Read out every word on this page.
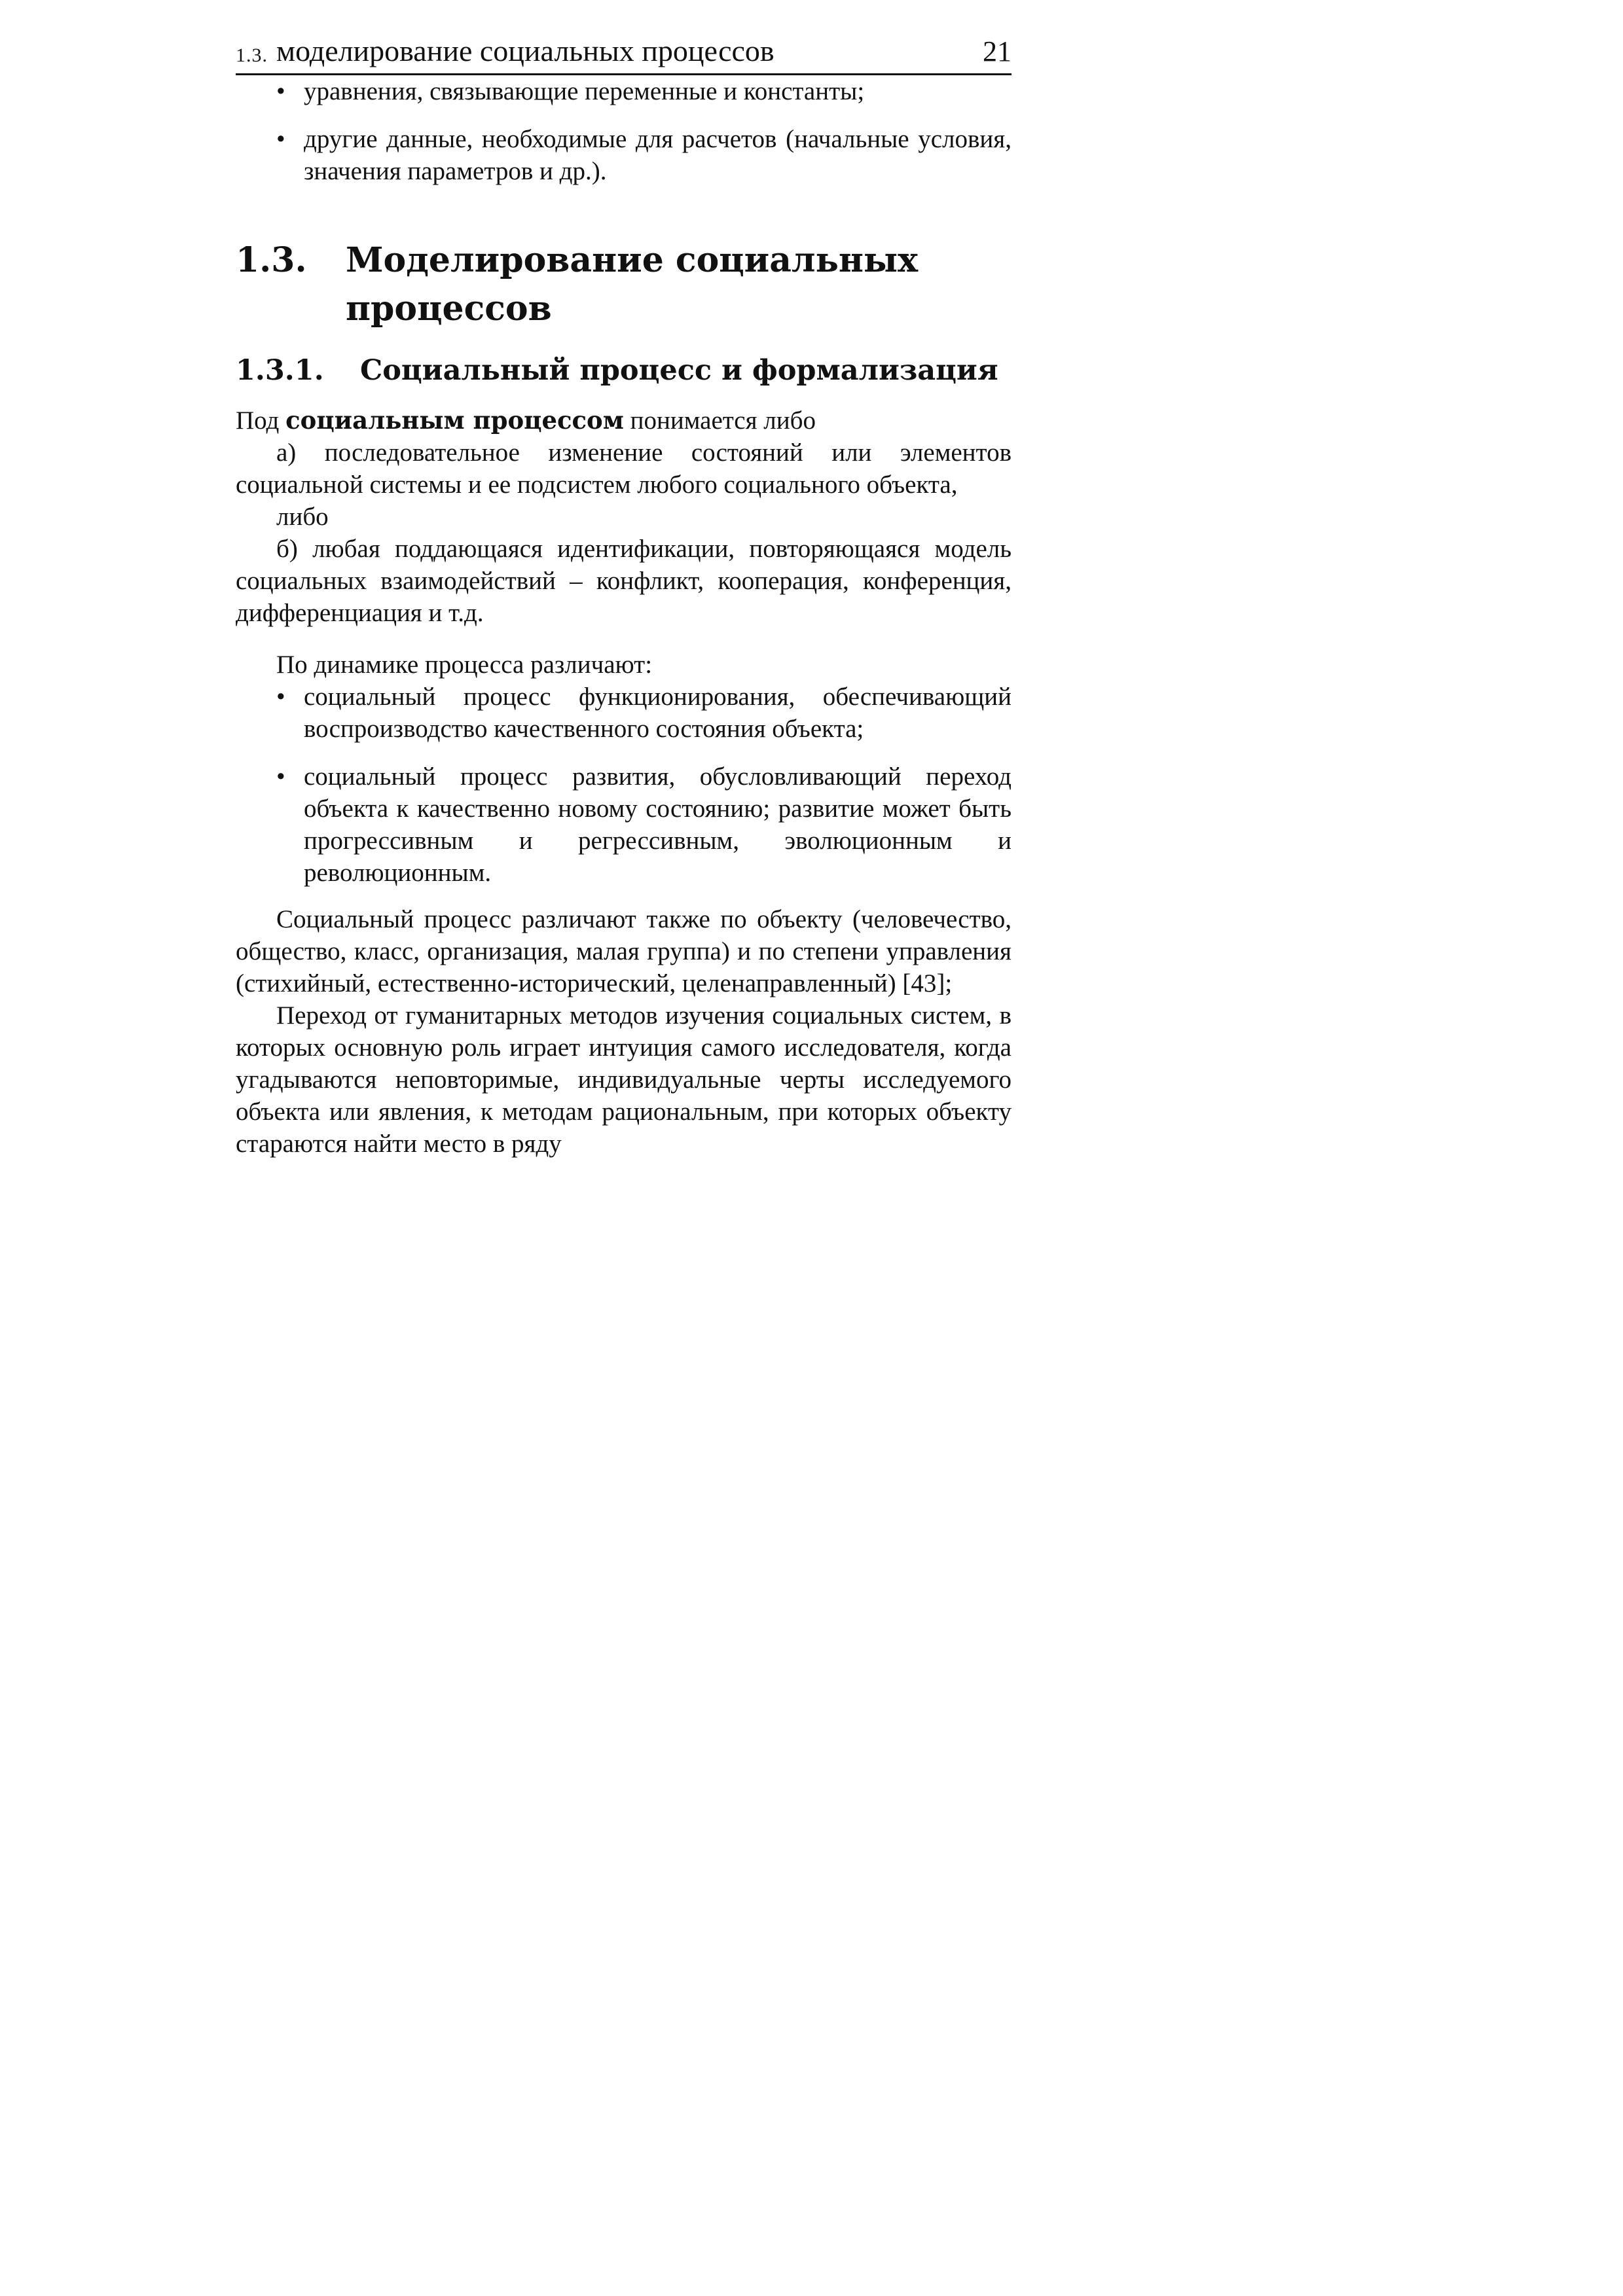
1.3. моделирование социальных процессов	21
• уравнения, связывающие переменные и константы;
• другие данные, необходимые для расчетов (начальные условия, значения параметров и др.).
1.3.	Моделирование социальных процессов
1.3.1.	Социальный процесс и формализация

Под социальным процессом понимается либо

а) последовательное изменение состояний или элементов социальной системы и ее подсистем любого социального объекта,

либо

б) любая поддающаяся идентификации, повторяющаяся модель социальных взаимодействий – конфликт, кооперация, конференция, дифференциация и т.д.

По динамике процесса различают:

• социальный процесс функционирования, обеспечивающий воспроизводство качественного состояния объекта;
• социальный процесс развития, обусловливающий переход объекта к качественно новому состоянию; развитие может быть прогрессивным и регрессивным, эволюционным и революционным.

Социальный процесс различают также по объекту (человечество, общество, класс, организация, малая группа) и по степени управления (стихийный, естественно-исторический, целенаправленный) [43];

Переход от гуманитарных методов изучения социальных систем, в которых основную роль играет интуиция самого исследователя, когда угадываются неповторимые, индивидуальные черты исследуемого объекта или явления, к методам рациональным, при которых объекту стараются найти место в ряду
